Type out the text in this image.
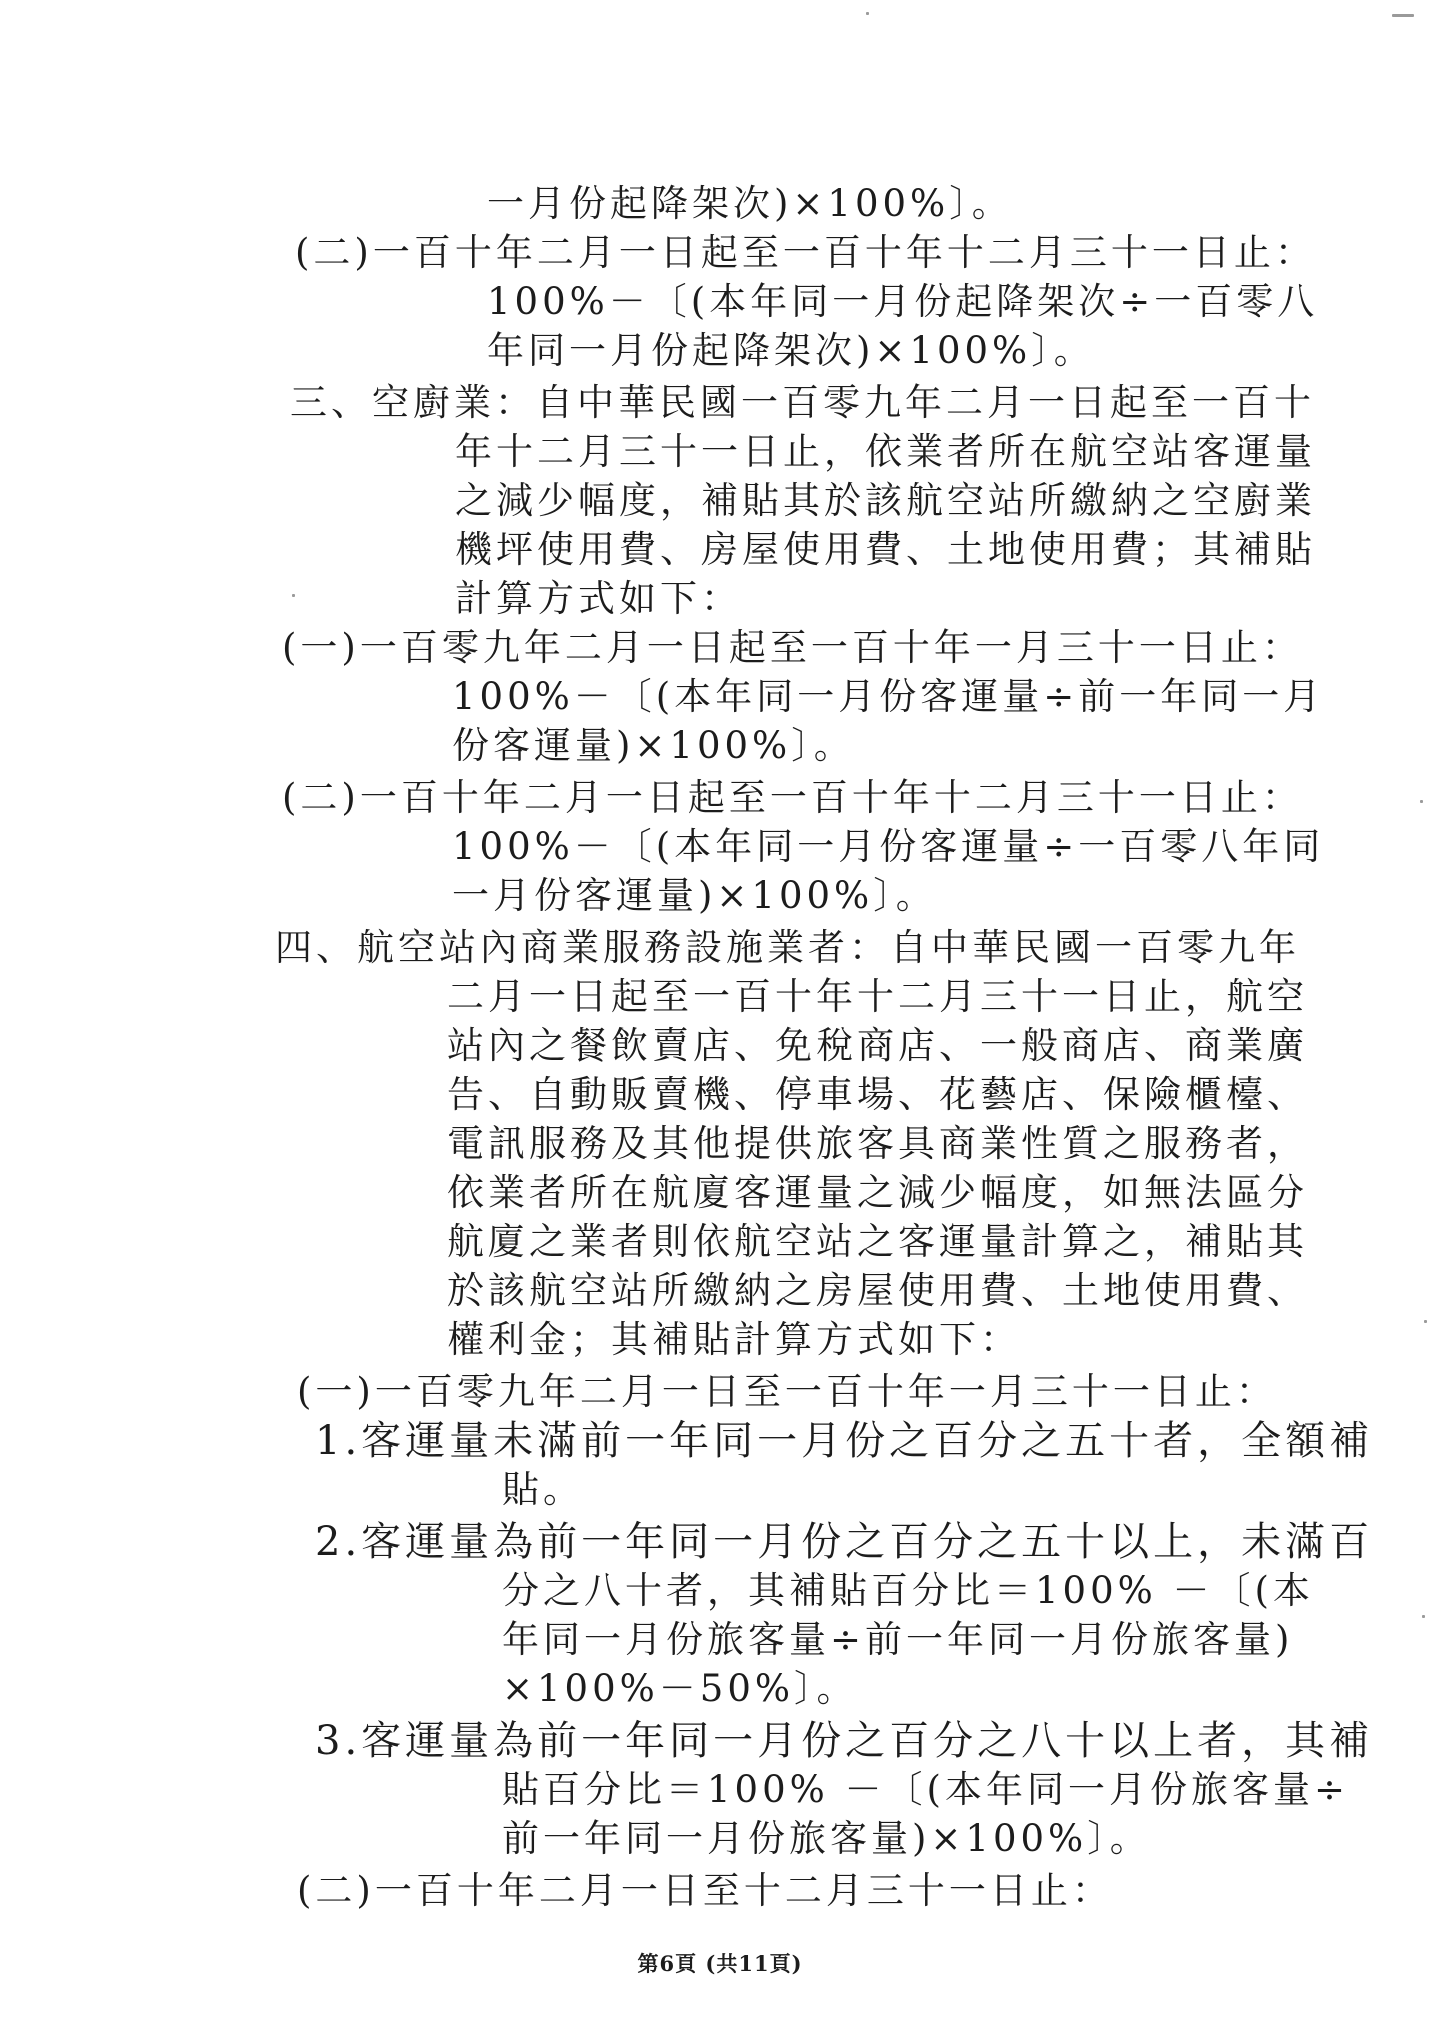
一月份起降架次)×100%〕。
(二)一百十年二月一日起至一百十年十二月三十一日止：
100%－〔(本年同一月份起降架次÷一百零八
年同一月份起降架次)×100%〕。
三、空廚業：自中華民國一百零九年二月一日起至一百十
年十二月三十一日止，依業者所在航空站客運量
之減少幅度，補貼其於該航空站所繳納之空廚業
機坪使用費、房屋使用費、土地使用費；其補貼
計算方式如下：
(一)一百零九年二月一日起至一百十年一月三十一日止：
100%－〔(本年同一月份客運量÷前一年同一月
份客運量)×100%〕。
(二)一百十年二月一日起至一百十年十二月三十一日止：
100%－〔(本年同一月份客運量÷一百零八年同
一月份客運量)×100%〕。
四、航空站內商業服務設施業者：自中華民國一百零九年
二月一日起至一百十年十二月三十一日止，航空
站內之餐飲賣店、免稅商店、一般商店、商業廣
告、自動販賣機、停車場、花藝店、保險櫃檯、
電訊服務及其他提供旅客具商業性質之服務者，
依業者所在航廈客運量之減少幅度，如無法區分
航廈之業者則依航空站之客運量計算之，補貼其
於該航空站所繳納之房屋使用費、土地使用費、
權利金；其補貼計算方式如下：
(一)一百零九年二月一日至一百十年一月三十一日止：
1.客運量未滿前一年同一月份之百分之五十者，全額補
貼。
2.客運量為前一年同一月份之百分之五十以上，未滿百
分之八十者，其補貼百分比＝100% －〔(本
年同一月份旅客量÷前一年同一月份旅客量)
×100%－50%〕。
3.客運量為前一年同一月份之百分之八十以上者，其補
貼百分比＝100% －〔(本年同一月份旅客量÷
前一年同一月份旅客量)×100%〕。
(二)一百十年二月一日至十二月三十一日止：
第6頁 (共11頁)
